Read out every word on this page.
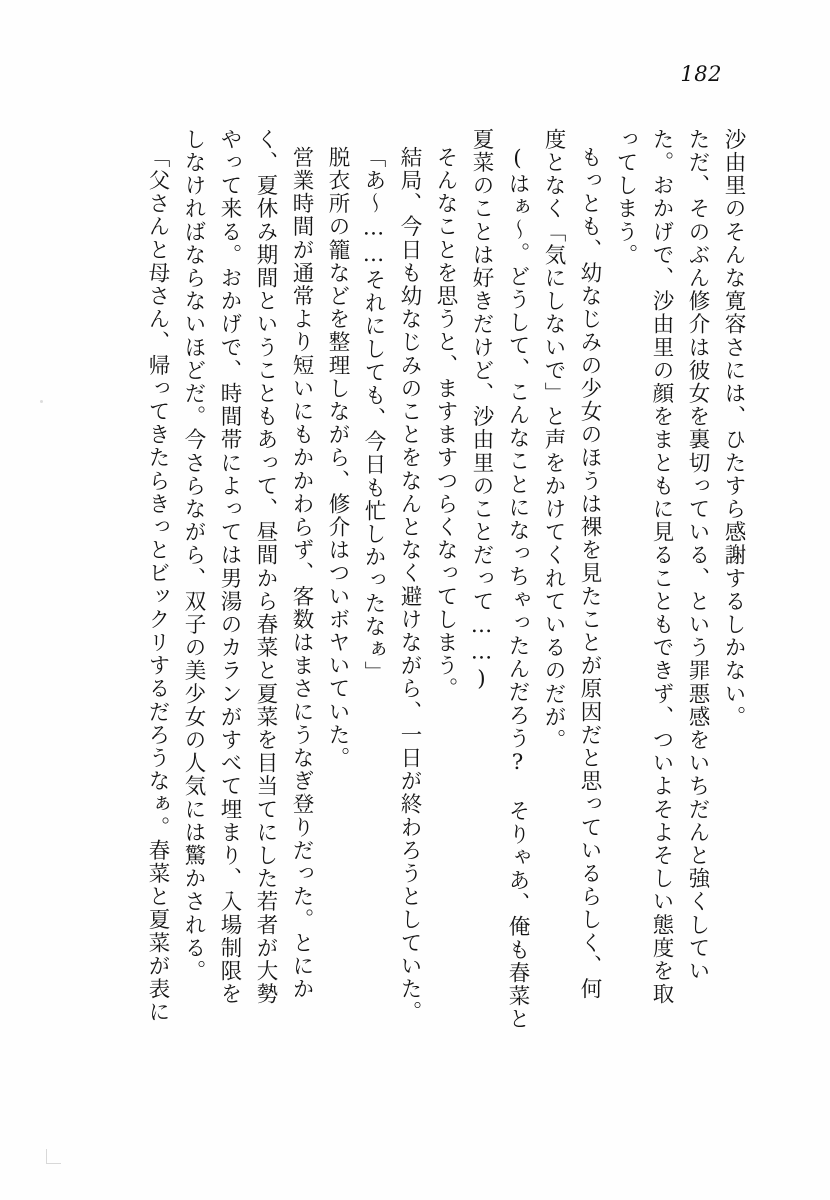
182
沙由里のそんな寛容さには、ひたすら感謝するしかない。
ただ、そのぶん修介は彼女を裏切っている、という罪悪感をいちだんと強くしてい
た。おかげで、沙由里の顔をまともに見ることもできず、ついよそよそしい態度を取
ってしまう。
もっとも、幼なじみの少女のほうは裸を見たことが原因だと思っているらしく、何
度となく「気にしないで」と声をかけてくれているのだが。
(はぁ〜。どうして、こんなことになっちゃったんだろう?　そりゃあ、俺も春菜と
夏菜のことは好きだけど、沙由里のことだって……)
そんなことを思うと、ますますつらくなってしまう。
結局、今日も幼なじみのことをなんとなく避けながら、一日が終わろうとしていた。
「あ〜……それにしても、今日も忙しかったなぁ」
脱衣所の籠などを整理しながら、修介はついボヤいていた。
営業時間が通常より短いにもかかわらず、客数はまさにうなぎ登りだった。とにか
く、夏休み期間ということもあって、昼間から春菜と夏菜を目当てにした若者が大勢
やって来る。おかげで、時間帯によっては男湯のカランがすべて埋まり、入場制限を
しなければならないほどだ。今さらながら、双子の美少女の人気には驚かされる。
「父さんと母さん、帰ってきたらきっとビックリするだろうなぁ。春菜と夏菜が表に
